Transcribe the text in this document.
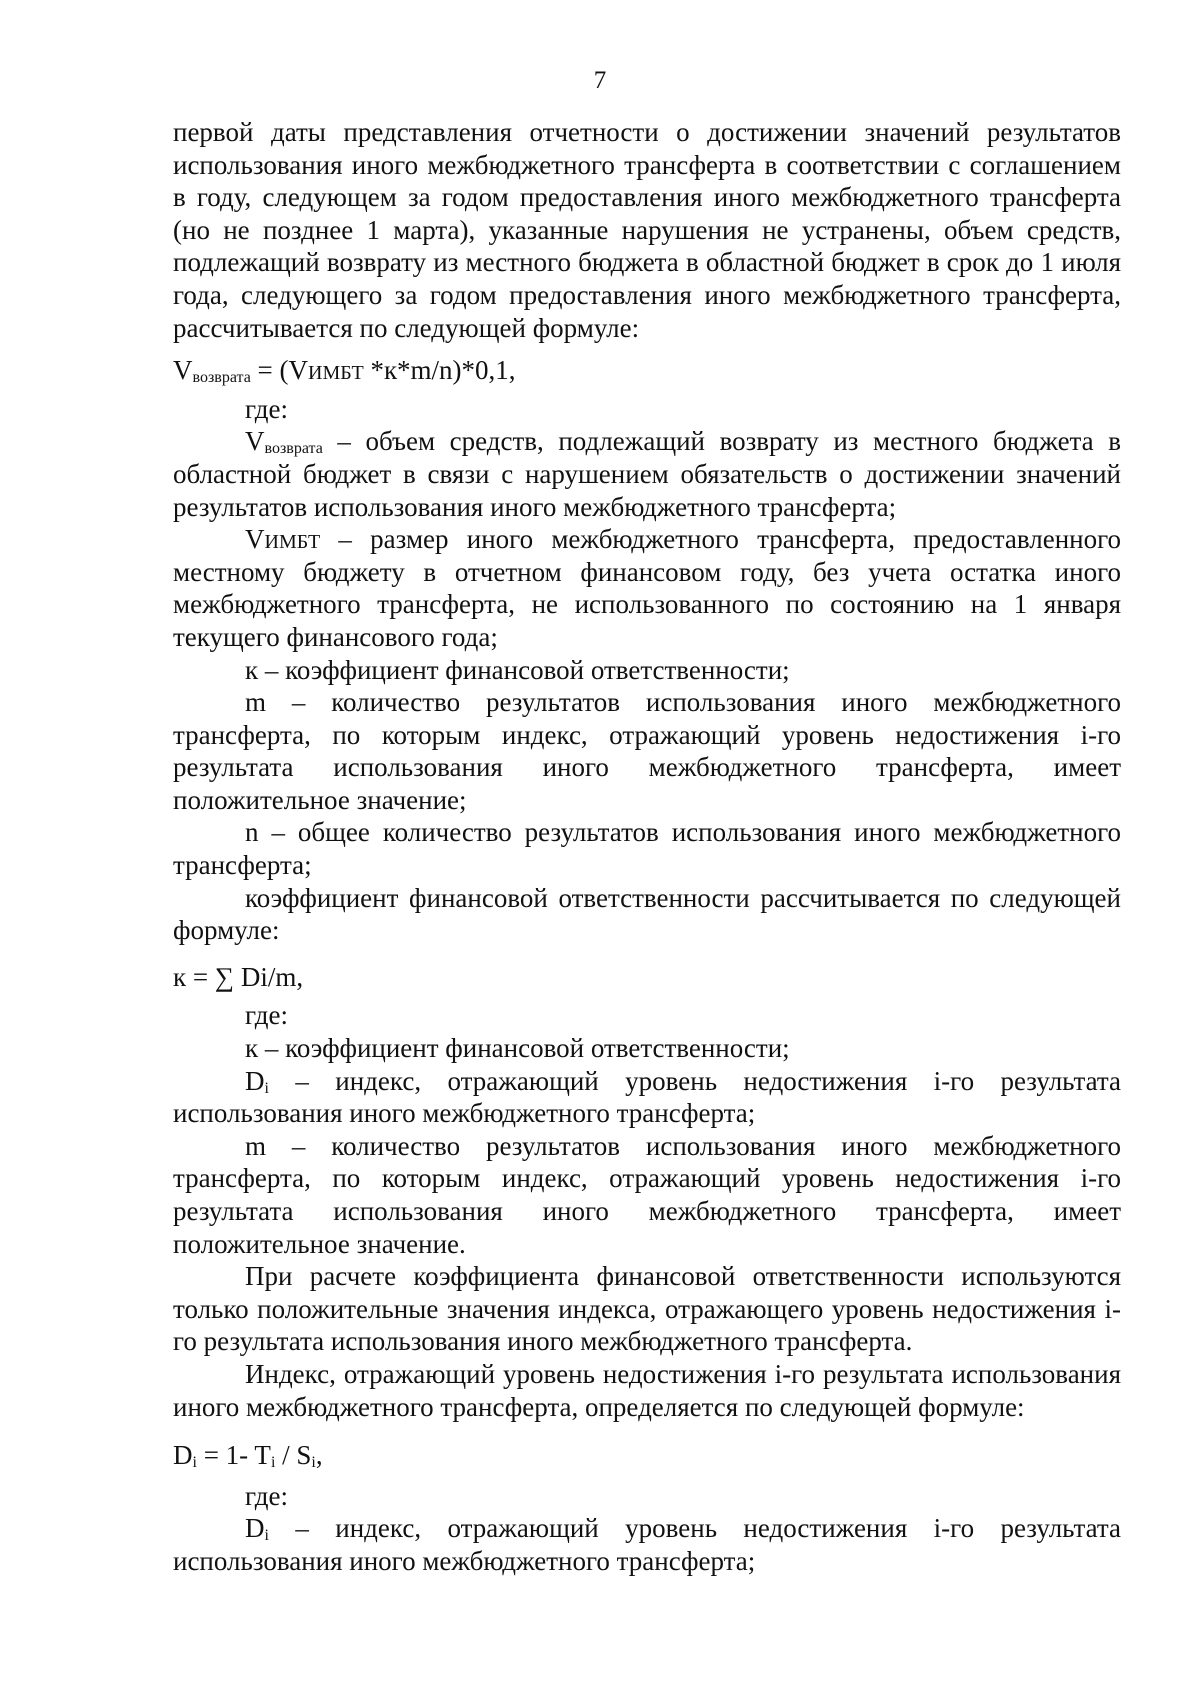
7

первой даты представления отчетности о достижении значений результатов использования иного межбюджетного трансферта в соответствии с соглашением в году, следующем за годом предоставления иного межбюджетного трансферта (но не позднее 1 марта), указанные нарушения не устранены, объем средств, подлежащий возврату из местного бюджета в областной бюджет в срок до 1 июля года, следующего за годом предоставления иного межбюджетного трансферта, рассчитывается по следующей формуле:

Vвозврата = (VИМБТ *к*m/n)*0,1,

где:

Vвозврата – объем средств, подлежащий возврату из местного бюджета в областной бюджет в связи с нарушением обязательств о достижении значений результатов использования иного межбюджетного трансферта;

VИМБТ – размер иного межбюджетного трансферта, предоставленного местному бюджету в отчетном финансовом году, без учета остатка иного межбюджетного трансферта, не использованного по состоянию на 1 января текущего финансового года;

к – коэффициент финансовой ответственности;

m – количество результатов использования иного межбюджетного трансферта, по которым индекс, отражающий уровень недостижения i-го результата использования иного межбюджетного трансферта, имеет положительное значение;

n – общее количество результатов использования иного межбюджетного трансферта;

коэффициент финансовой ответственности рассчитывается по следующей формуле:

к = ∑ Di/m,

где:

к – коэффициент финансовой ответственности;

Di – индекс, отражающий уровень недостижения i-го результата использования иного межбюджетного трансферта;

m – количество результатов использования иного межбюджетного трансферта, по которым индекс, отражающий уровень недостижения i-го результата использования иного межбюджетного трансферта, имеет положительное значение.

При расчете коэффициента финансовой ответственности используются только положительные значения индекса, отражающего уровень недостижения i-го результата использования иного межбюджетного трансферта.

Индекс, отражающий уровень недостижения i-го результата использования иного межбюджетного трансферта, определяется по следующей формуле:

Di = 1- Ti / Si,

где:

Di – индекс, отражающий уровень недостижения i-го результата использования иного межбюджетного трансферта;
